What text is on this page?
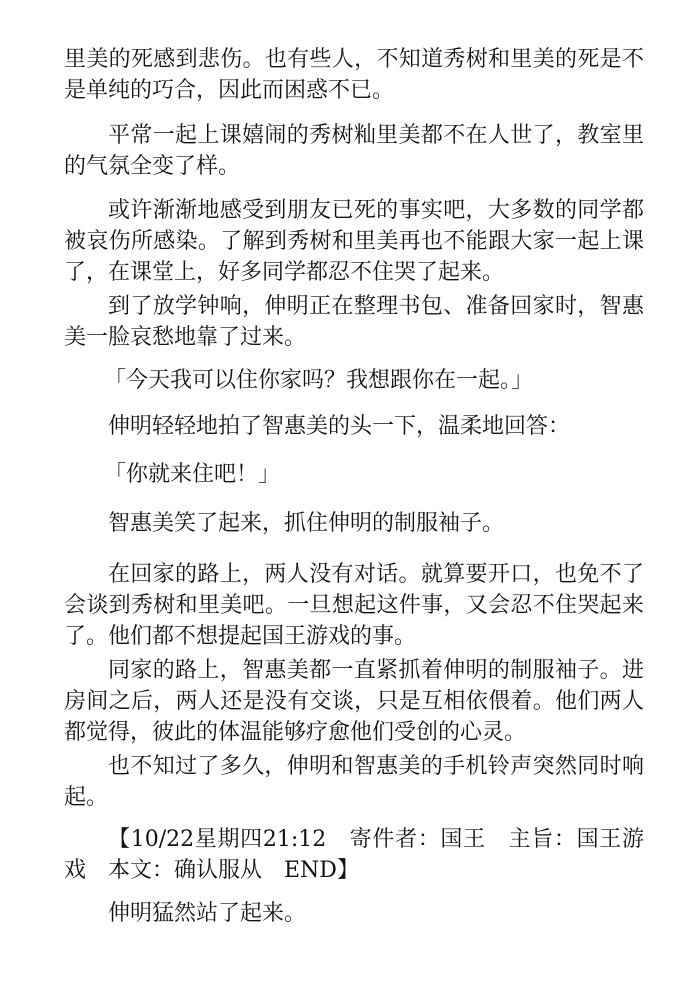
里美的死感到悲伤。也有些人，不知道秀树和里美的死是不是单纯的巧合，因此而困惑不已。

平常一起上课嬉闹的秀树籼里美都不在人世了，教室里的气氛全变了样。

或许渐渐地感受到朋友已死的事实吧，大多数的同学都被哀伤所感染。了解到秀树和里美再也不能跟大家一起上课了，在课堂上，好多同学都忍不住哭了起来。

到了放学钟响，伸明正在整理书包、准备回家时，智惠美一脸哀愁地靠了过来。

「今天我可以住你家吗？我想跟你在一起。」

伸明轻轻地拍了智惠美的头一下，温柔地回答：

「你就来住吧！」

智惠美笑了起来，抓住伸明的制服袖子。

在回家的路上，两人没有对话。就算要开口，也免不了会谈到秀树和里美吧。一旦想起这件事，又会忍不住哭起来了。他们都不想提起国王游戏的事。

同家的路上，智惠美都一直紧抓着伸明的制服袖子。进房间之后，两人还是没有交谈，只是互相依偎着。他们两人都觉得，彼此的体温能够疗愈他们受创的心灵。

也不知过了多久，伸明和智惠美的手机铃声突然同时响起。

【10/22星期四21:12　寄件者：国王　主旨：国王游戏　本文：确认服从　END】

伸明猛然站了起来。
